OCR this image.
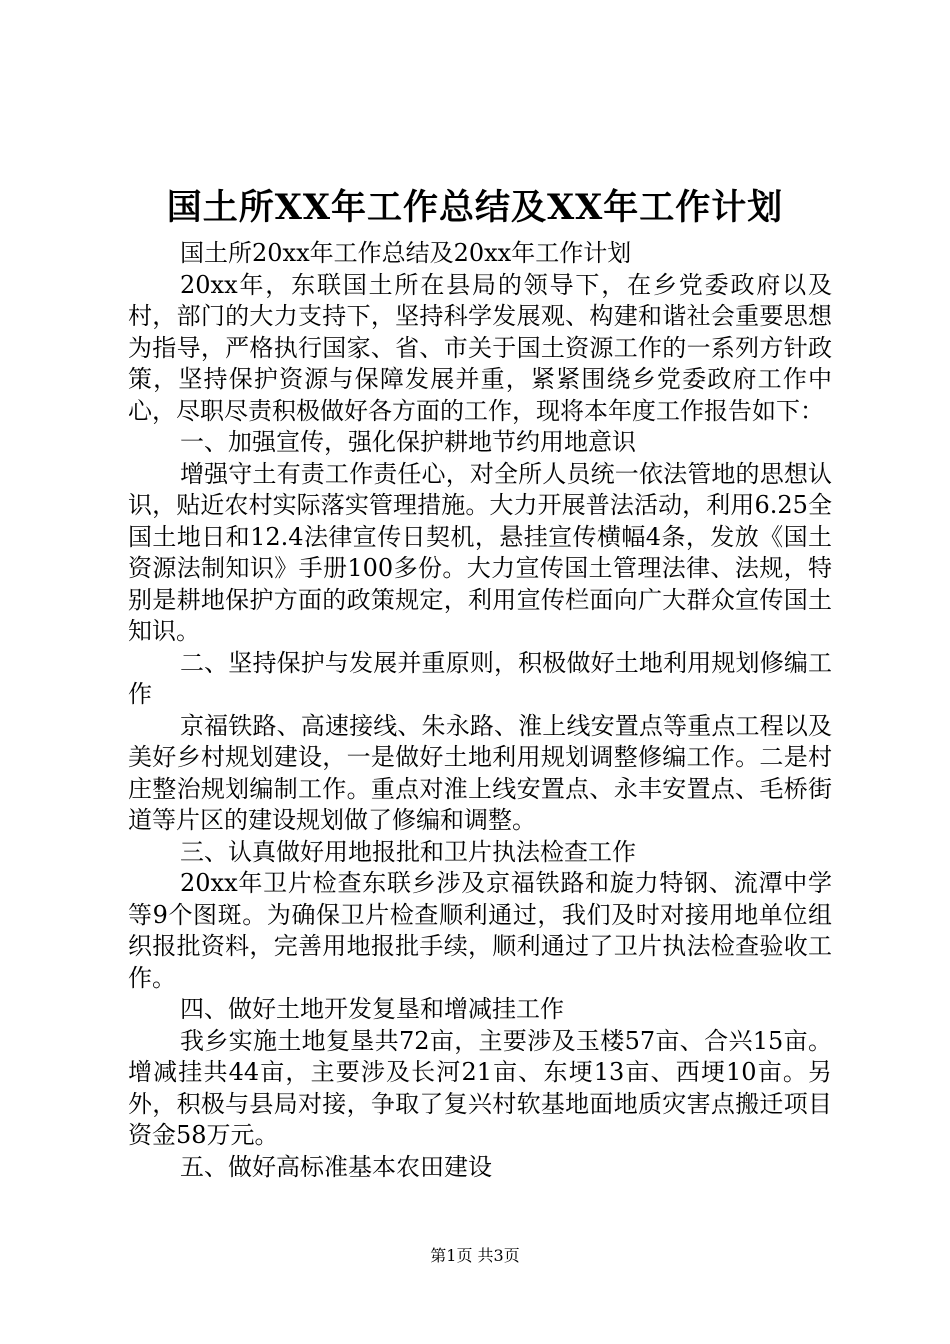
国土所XX年工作总结及XX年工作计划

国土所20xx年工作总结及20xx年工作计划

20xx年，东联国土所在县局的领导下，在乡党委政府以及村，部门的大力支持下，坚持科学发展观、构建和谐社会重要思想为指导，严格执行国家、省、市关于国土资源工作的一系列方针政策，坚持保护资源与保障发展并重，紧紧围绕乡党委政府工作中心，尽职尽责积极做好各方面的工作，现将本年度工作报告如下：

一、加强宣传，强化保护耕地节约用地意识

增强守土有责工作责任心，对全所人员统一依法管地的思想认识，贴近农村实际落实管理措施。大力开展普法活动，利用6.25全国土地日和12.4法律宣传日契机，悬挂宣传横幅4条，发放《国土资源法制知识》手册100多份。大力宣传国土管理法律、法规，特别是耕地保护方面的政策规定，利用宣传栏面向广大群众宣传国土知识。

二、坚持保护与发展并重原则，积极做好土地利用规划修编工作

京福铁路、高速接线、朱永路、淮上线安置点等重点工程以及美好乡村规划建设，一是做好土地利用规划调整修编工作。二是村庄整治规划编制工作。重点对淮上线安置点、永丰安置点、毛桥街道等片区的建设规划做了修编和调整。

三、认真做好用地报批和卫片执法检查工作

20xx年卫片检查东联乡涉及京福铁路和旋力特钢、流潭中学等9个图斑。为确保卫片检查顺利通过，我们及时对接用地单位组织报批资料，完善用地报批手续，顺利通过了卫片执法检查验收工作。

四、做好土地开发复垦和增减挂工作

我乡实施土地复垦共72亩，主要涉及玉楼57亩、合兴15亩。增减挂共44亩，主要涉及长河21亩、东埂13亩、西埂10亩。另外，积极与县局对接，争取了复兴村软基地面地质灾害点搬迁项目资金58万元。

五、做好高标准基本农田建设

第1页 共3页
